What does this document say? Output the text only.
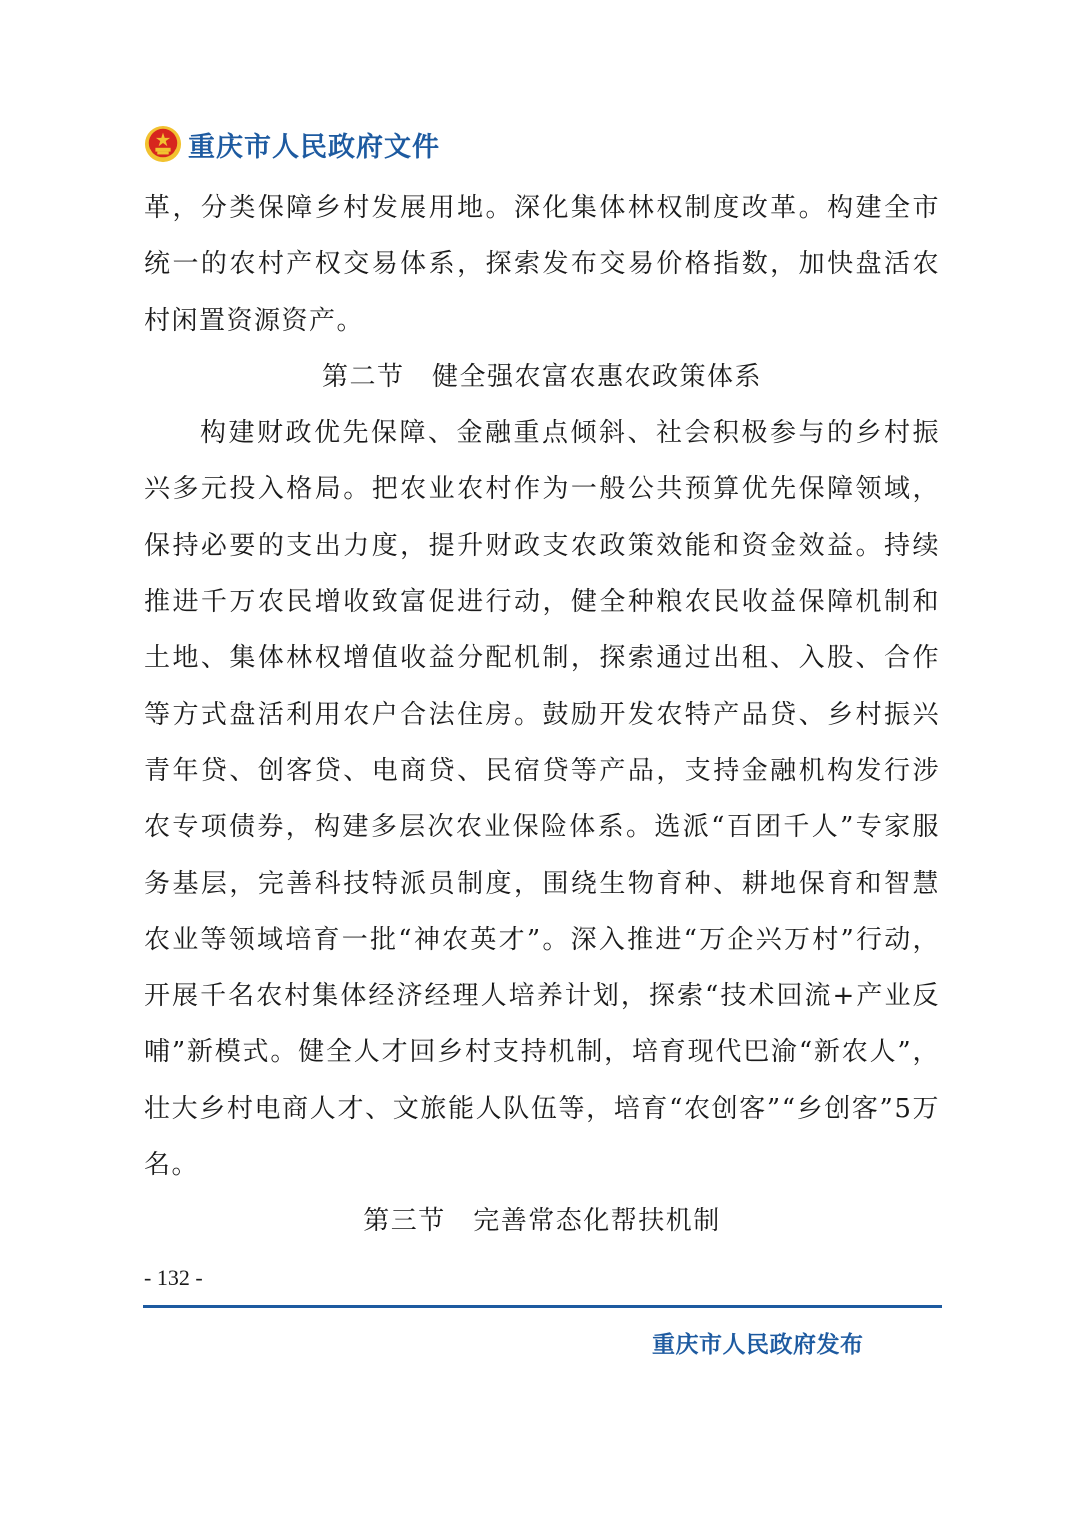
重庆市人民政府文件

革，分类保障乡村发展用地。深化集体林权制度改革。构建全市统一的农村产权交易体系，探索发布交易价格指数，加快盘活农村闲置资源资产。

第二节　健全强农富农惠农政策体系

构建财政优先保障、金融重点倾斜、社会积极参与的乡村振兴多元投入格局。把农业农村作为一般公共预算优先保障领域，保持必要的支出力度，提升财政支农政策效能和资金效益。持续推进千万农民增收致富促进行动，健全种粮农民收益保障机制和土地、集体林权增值收益分配机制，探索通过出租、入股、合作等方式盘活利用农户合法住房。鼓励开发农特产品贷、乡村振兴青年贷、创客贷、电商贷、民宿贷等产品，支持金融机构发行涉农专项债券，构建多层次农业保险体系。选派“百团千人”专家服务基层，完善科技特派员制度，围绕生物育种、耕地保育和智慧农业等领域培育一批“神农英才”。深入推进“万企兴万村”行动，开展千名农村集体经济经理人培养计划，探索“技术回流+产业反哺”新模式。健全人才回乡村支持机制，培育现代巴渝“新农人”，壮大乡村电商人才、文旅能人队伍等，培育“农创客”“乡创客”5万名。

第三节　完善常态化帮扶机制

- 132 -
重庆市人民政府发布
